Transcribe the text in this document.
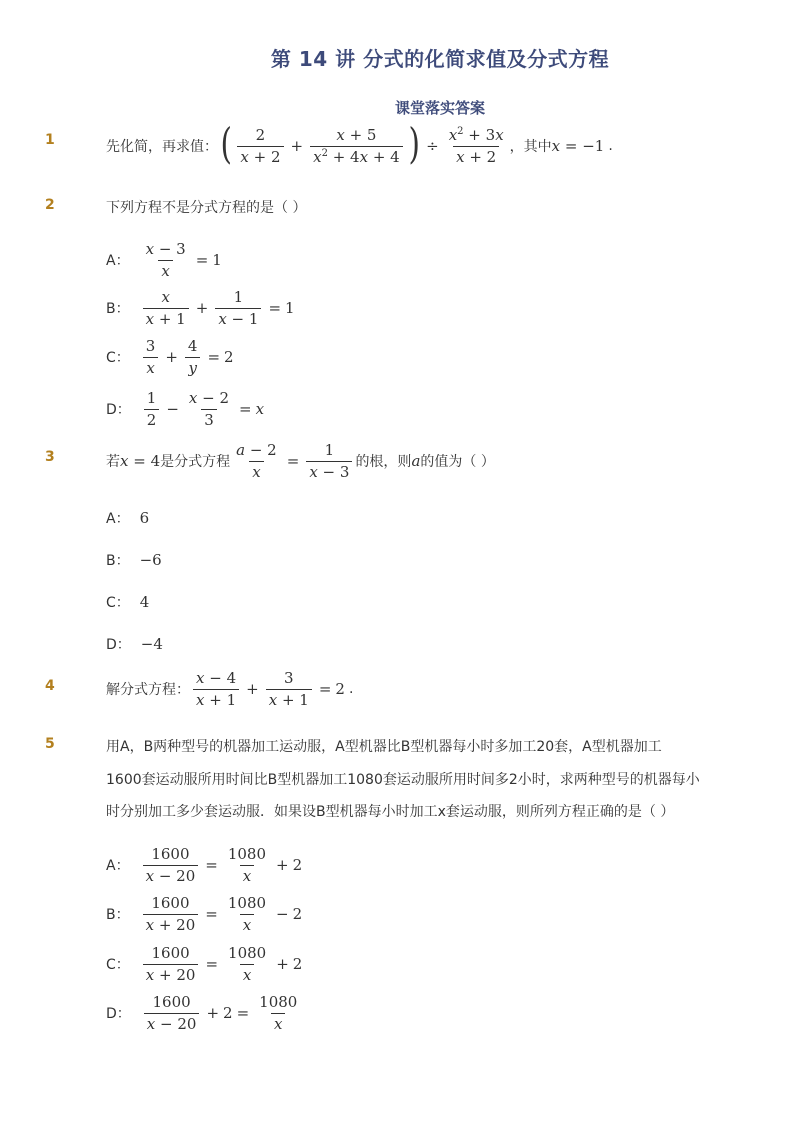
第 14 讲 分式的化简求值及分式方程
课堂落实答案
1	先化简，再求值： ( $\frac{2}{x + 2} + \frac{x + 5}{x^2 + 4x + 4}$ ) ÷ $\frac{x^2 + 3x}{x + 2}$ ，其中 x = −1 .
2	下列方程不是分式方程的是（ ）
A： $\frac{x - 3}{x} = 1$
B： $\frac{x}{x + 1} + \frac{1}{x - 1} = 1$
C： $\frac{3}{x} + \frac{4}{y} = 2$
D： $\frac{1}{2} - \frac{x - 2}{3} = x$
3	若 x = 4 是分式方程 $\frac{a - 2}{x} = \frac{1}{x - 3}$ 的根，则 a 的值为（ ）
A： 6
B： −6
C： 4
D： −4
4	解分式方程： $\frac{x - 4}{x + 1} + \frac{3}{x + 1} = 2$ .
5	用A，B两种型号的机器加工运动服，A型机器比B型机器每小时多加工20套，A型机器加工
1600套运动服所用时间比B型机器加工1080套运动服所用时间多2小时，求两种型号的机器每小
时分别加工多少套运动服．如果设B型机器每小时加工x套运动服，则所列方程正确的是（ ）
A： $\frac{1600}{x - 20} = \frac{1080}{x} + 2$
B： $\frac{1600}{x + 20} = \frac{1080}{x} - 2$
C： $\frac{1600}{x + 20} = \frac{1080}{x} + 2$
D： $\frac{1600}{x - 20} + 2 = \frac{1080}{x}$
